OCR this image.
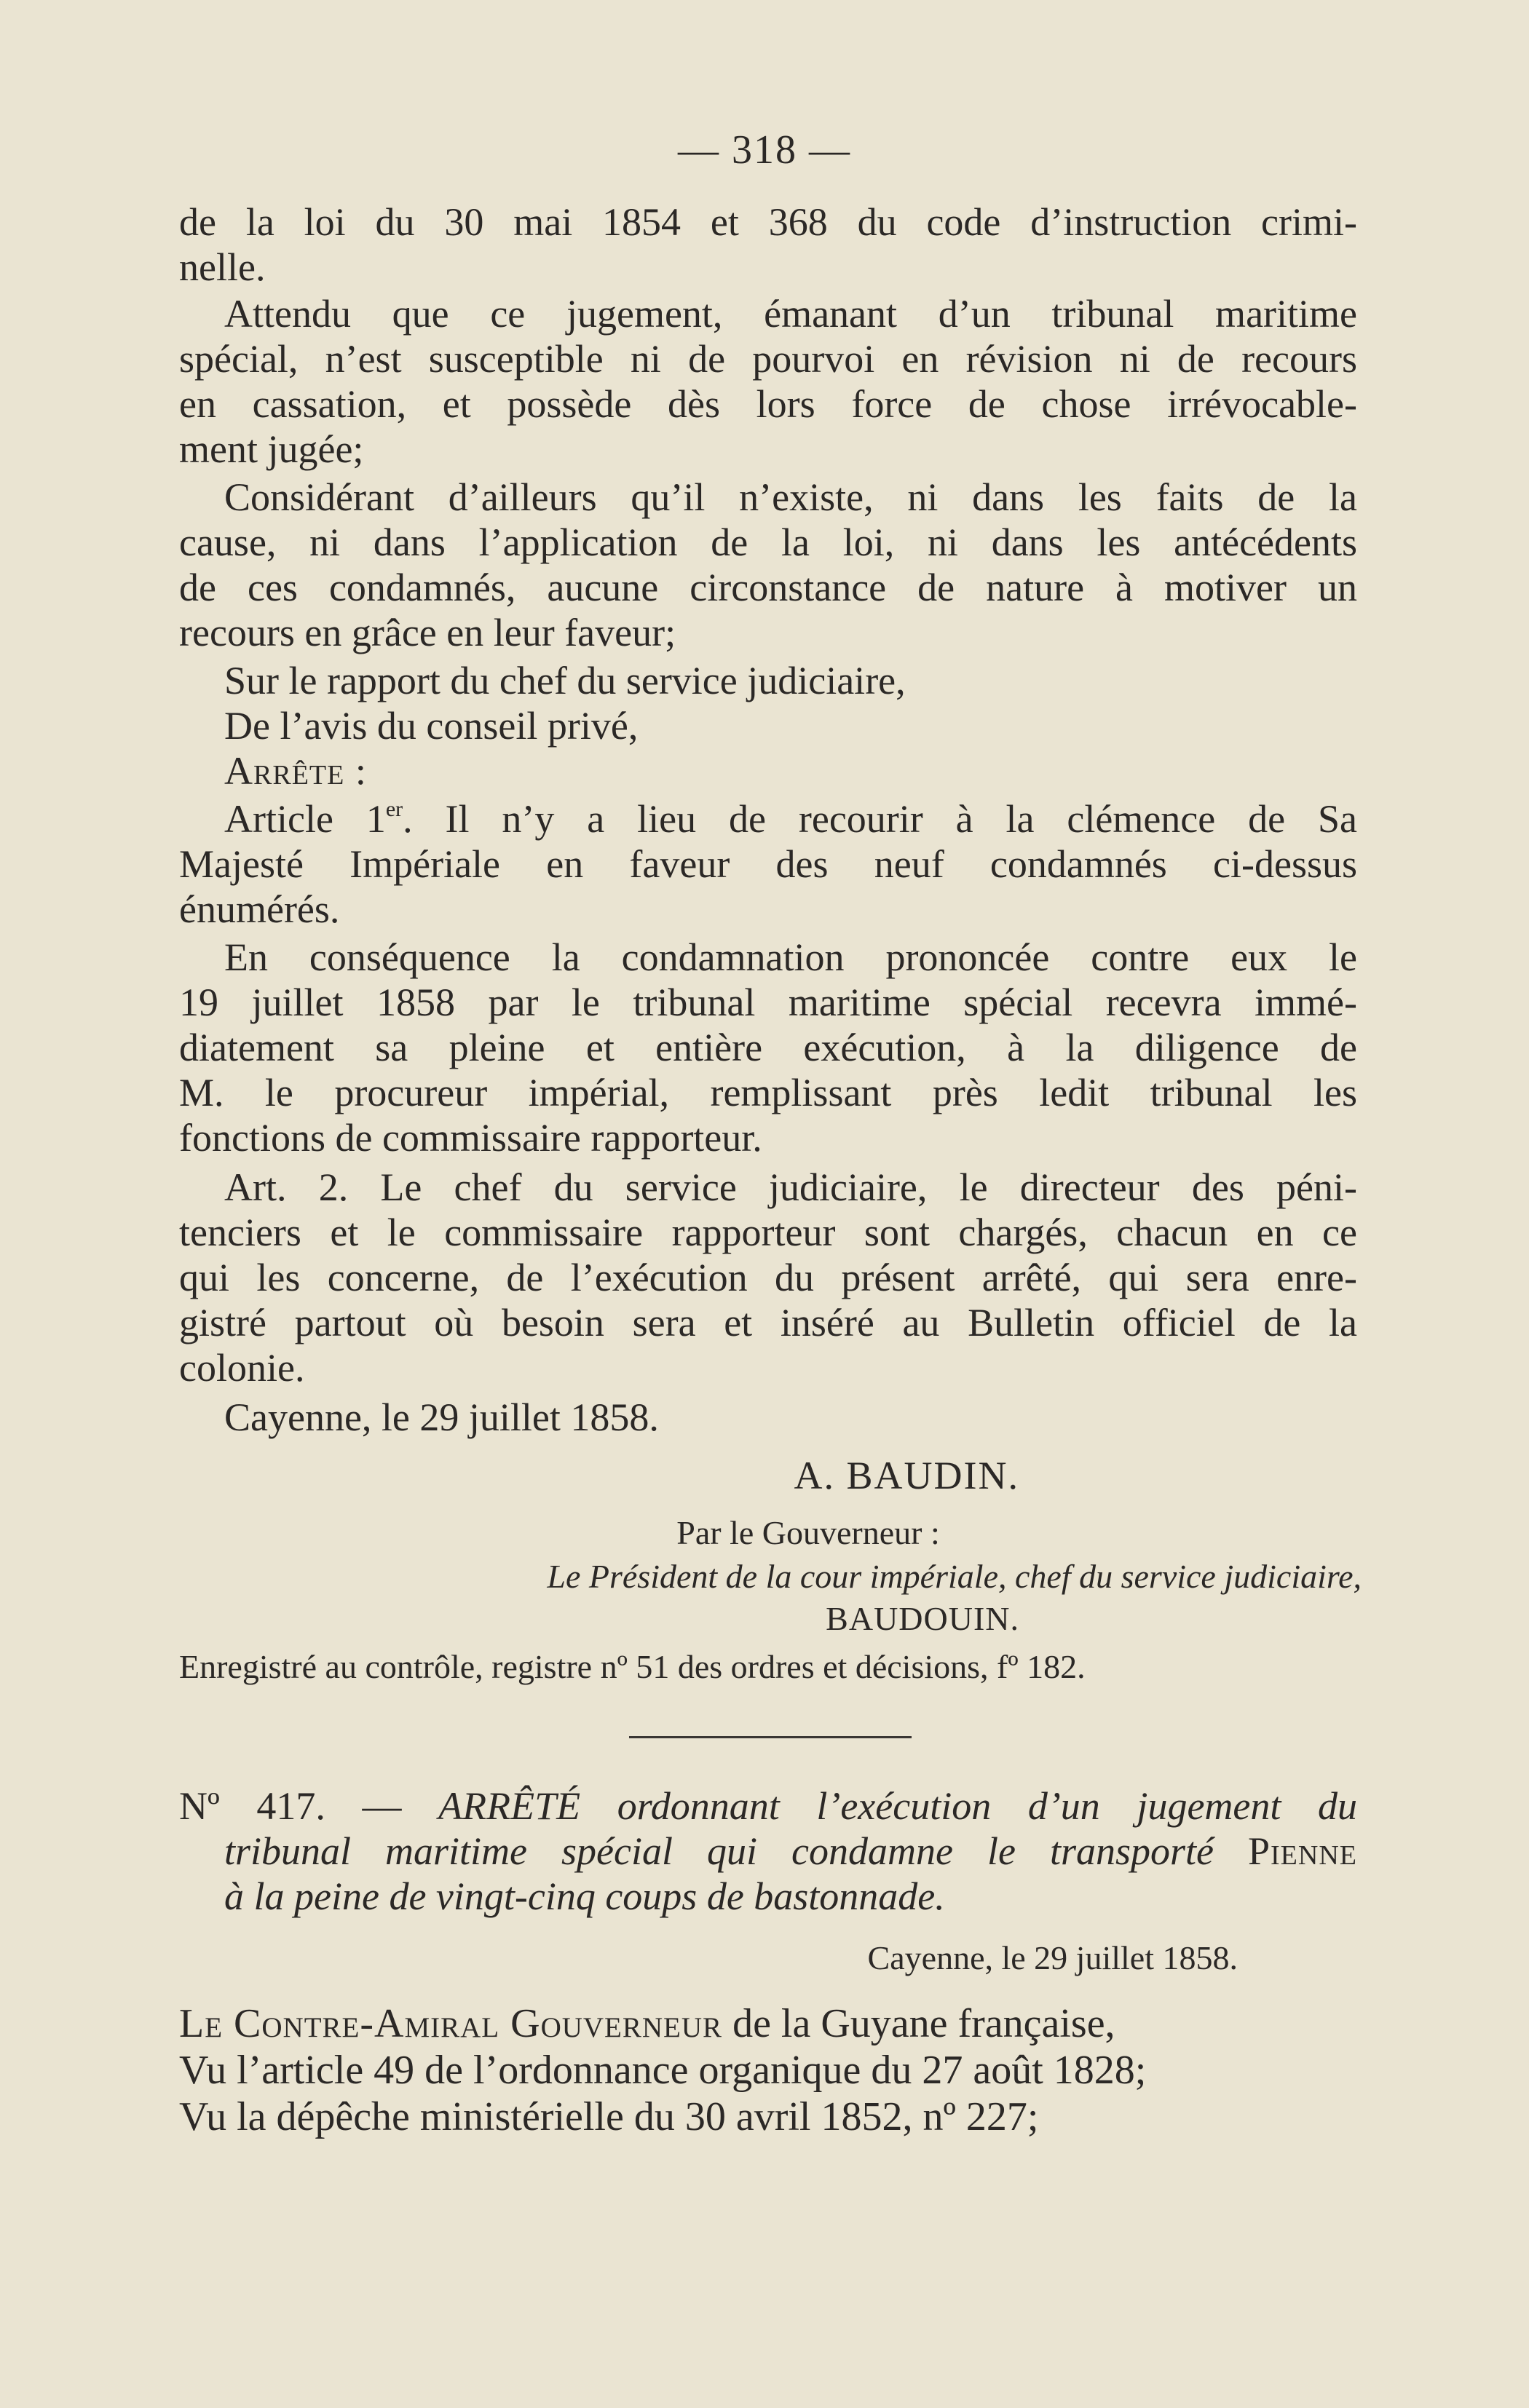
— 318 —
de la loi du 30 mai 1854 et 368 du code d’instruction crimi-
nelle.
Attendu que ce jugement, émanant d’un tribunal maritime
spécial, n’est susceptible ni de pourvoi en révision ni de recours
en cassation, et possède dès lors force de chose irrévocable-
ment jugée;
Considérant d’ailleurs qu’il n’existe, ni dans les faits de la
cause, ni dans l’application de la loi, ni dans les antécédents
de ces condamnés, aucune circonstance de nature à motiver un
recours en grâce en leur faveur;
Sur le rapport du chef du service judiciaire,
De l’avis du conseil privé,
Arrête :
Article 1er. Il n’y a lieu de recourir à la clémence de Sa
Majesté Impériale en faveur des neuf condamnés ci-dessus
énumérés.
En conséquence la condamnation prononcée contre eux le
19 juillet 1858 par le tribunal maritime spécial recevra immé-
diatement sa pleine et entière exécution, à la diligence de
M. le procureur impérial, remplissant près ledit tribunal les
fonctions de commissaire rapporteur.
Art. 2. Le chef du service judiciaire, le directeur des péni-
tenciers et le commissaire rapporteur sont chargés, chacun en ce
qui les concerne, de l’exécution du présent arrêté, qui sera enre-
gistré partout où besoin sera et inséré au Bulletin officiel de la
colonie.
Cayenne, le 29 juillet 1858.
A. BAUDIN.
Par le Gouverneur :
Le Président de la cour impériale, chef du service judiciaire,
BAUDOUIN.
Enregistré au contrôle, registre nº 51 des ordres et décisions, fº 182.
Nº 417. — ARRÊTÉ ordonnant l’exécution d’un jugement du
tribunal maritime spécial qui condamne le transporté Pienne
à la peine de vingt-cinq coups de bastonnade.
Cayenne, le 29 juillet 1858.
Le Contre-Amiral Gouverneur de la Guyane française,
Vu l’article 49 de l’ordonnance organique du 27 août 1828;
Vu la dépêche ministérielle du 30 avril 1852, nº 227;
